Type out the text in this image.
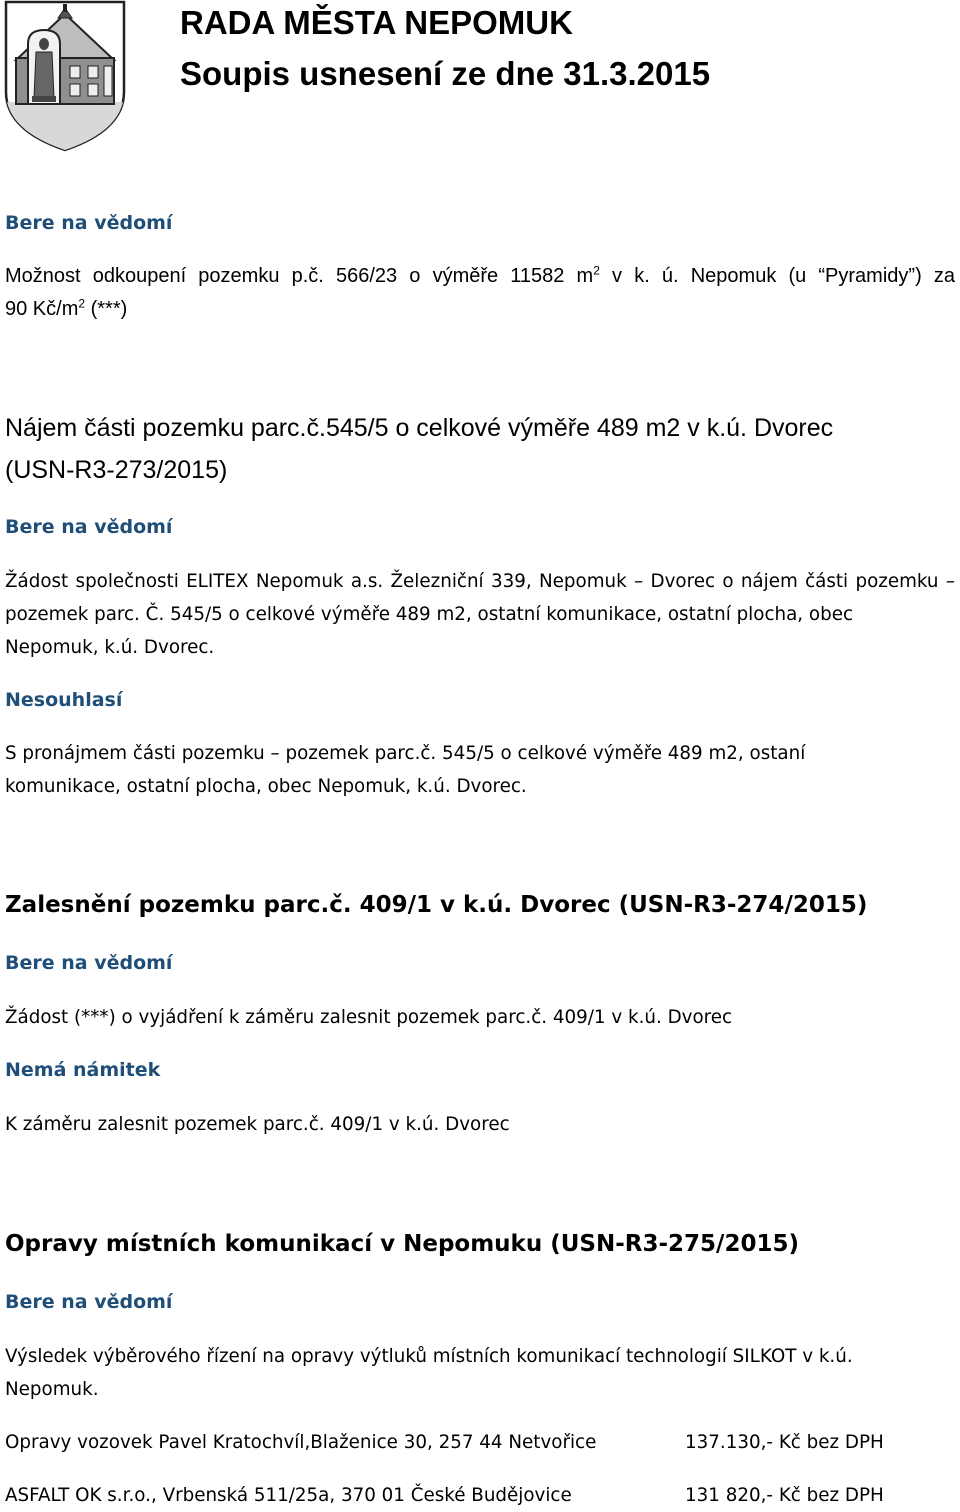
RADA MĚSTA NEPOMUK
Soupis usnesení ze dne 31.3.2015
Bere na vědomí
Možnost odkoupení pozemku p.č. 566/23 o výměře 11582 $m^2$ v k. ú. Nepomuk (u “Pyramidy”) za
90 $Kč/m^2$ (***)
Nájem části pozemku parc.č.545/5 o celkové výměře 489 m2 v k.ú. Dvorec
(USN-R3-273/2015)
Bere na vědomí
Žádost společnosti ELITEX Nepomuk a.s. Železniční 339, Nepomuk – Dvorec o nájem části pozemku –
pozemek parc. Č. 545/5 o celkové výměře 489 m2, ostatní komunikace, ostatní plocha, obec
Nepomuk, k.ú. Dvorec.
Nesouhlasí
S pronájmem části pozemku – pozemek parc.č. 545/5 o celkové výměře 489 m2, ostaní
komunikace, ostatní plocha, obec Nepomuk, k.ú. Dvorec.
Zalesnění pozemku parc.č. 409/1 v k.ú. Dvorec (USN-R3-274/2015)
Bere na vědomí
Žádost (***) o vyjádření k záměru zalesnit pozemek parc.č. 409/1 v k.ú. Dvorec
Nemá námitek
K záměru zalesnit pozemek parc.č. 409/1 v k.ú. Dvorec
Opravy místních komunikací v Nepomuku (USN-R3-275/2015)
Bere na vědomí
Výsledek výběrového řízení na opravy výtluků místních komunikací technologií SILKOT v k.ú.
Nepomuk.
Opravy vozovek Pavel Kratochvíl,Blaženice 30, 257 44 Netvořice	137.130,- Kč bez DPH
ASFALT OK s.r.o., Vrbenská 511/25a, 370 01 České Budějovice	131 820,- Kč bez DPH
